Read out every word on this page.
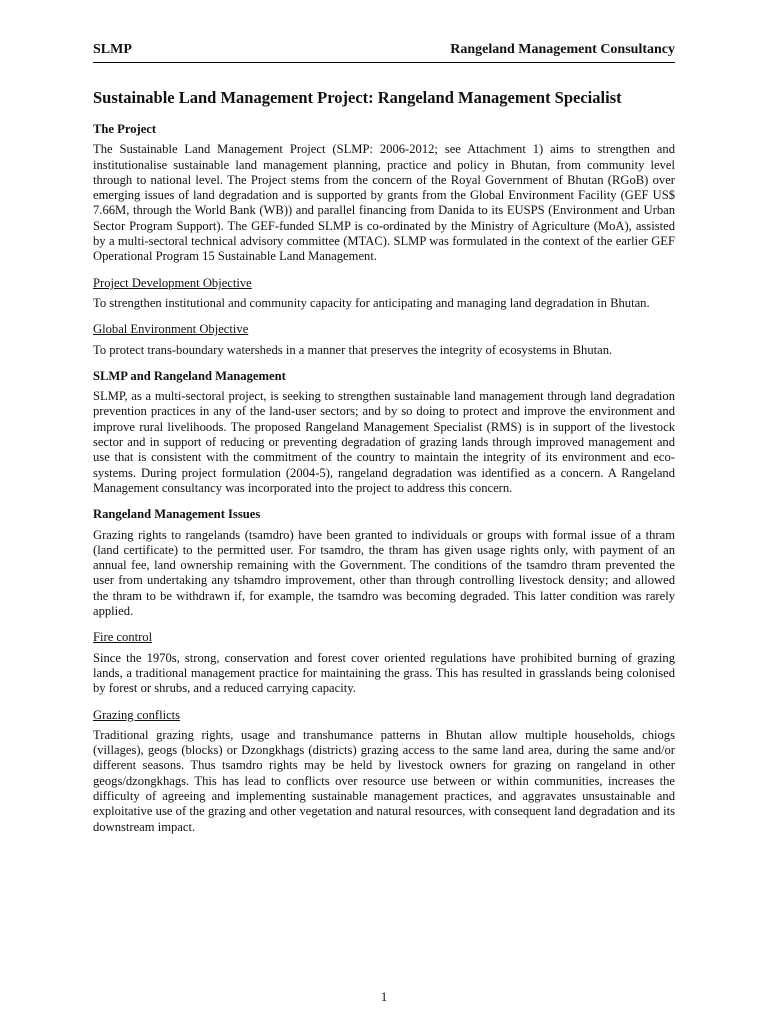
SLMP	Rangeland Management Consultancy
Sustainable Land Management Project: Rangeland Management Specialist
The Project

The Sustainable Land Management Project (SLMP: 2006-2012; see Attachment 1) aims to strengthen and institutionalise sustainable land management planning, practice and policy in Bhutan, from community level through to national level. The Project stems from the concern of the Royal Government of Bhutan (RGoB) over emerging issues of land degradation and is supported by grants from the Global Environment Facility (GEF US$ 7.66M, through the World Bank (WB)) and parallel financing from Danida to its EUSPS (Environment and Urban Sector Program Support). The GEF-funded SLMP is co-ordinated by the Ministry of Agriculture (MoA), assisted by a multi-sectoral technical advisory committee (MTAC). SLMP was formulated in the context of the earlier GEF Operational Program 15 Sustainable Land Management.

Project Development Objective

To strengthen institutional and community capacity for anticipating and managing land degradation in Bhutan.

Global Environment Objective

To protect trans-boundary watersheds in a manner that preserves the integrity of ecosystems in Bhutan.

SLMP and Rangeland Management

SLMP, as a multi-sectoral project, is seeking to strengthen sustainable land management through land degradation prevention practices in any of the land-user sectors; and by so doing to protect and improve the environment and improve rural livelihoods. The proposed Rangeland Management Specialist (RMS) is in support of the livestock sector and in support of reducing or preventing degradation of grazing lands through improved management and use that is consistent with the commitment of the country to maintain the integrity of its environment and eco-systems. During project formulation (2004-5), rangeland degradation was identified as a concern. A Rangeland Management consultancy was incorporated into the project to address this concern.

Rangeland Management Issues

Grazing rights to rangelands (tsamdro) have been granted to individuals or groups with formal issue of a thram (land certificate) to the permitted user. For tsamdro, the thram has given usage rights only, with payment of an annual fee, land ownership remaining with the Government. The conditions of the tsamdro thram prevented the user from undertaking any tshamdro improvement, other than through controlling livestock density; and allowed the thram to be withdrawn if, for example, the tsamdro was becoming degraded. This latter condition was rarely applied.

Fire control

Since the 1970s, strong, conservation and forest cover oriented regulations have prohibited burning of grazing lands, a traditional management practice for maintaining the grass. This has resulted in grasslands being colonised by forest or shrubs, and a reduced carrying capacity.

Grazing conflicts

Traditional grazing rights, usage and transhumance patterns in Bhutan allow multiple households, chiogs (villages), geogs (blocks) or Dzongkhags (districts) grazing access to the same land area, during the same and/or different seasons. Thus tsamdro rights may be held by livestock owners for grazing on rangeland in other geogs/dzongkhags. This has lead to conflicts over resource use between or within communities, increases the difficulty of agreeing and implementing sustainable management practices, and aggravates unsustainable and exploitative use of the grazing and other vegetation and natural resources, with consequent land degradation and its downstream impact.

1
